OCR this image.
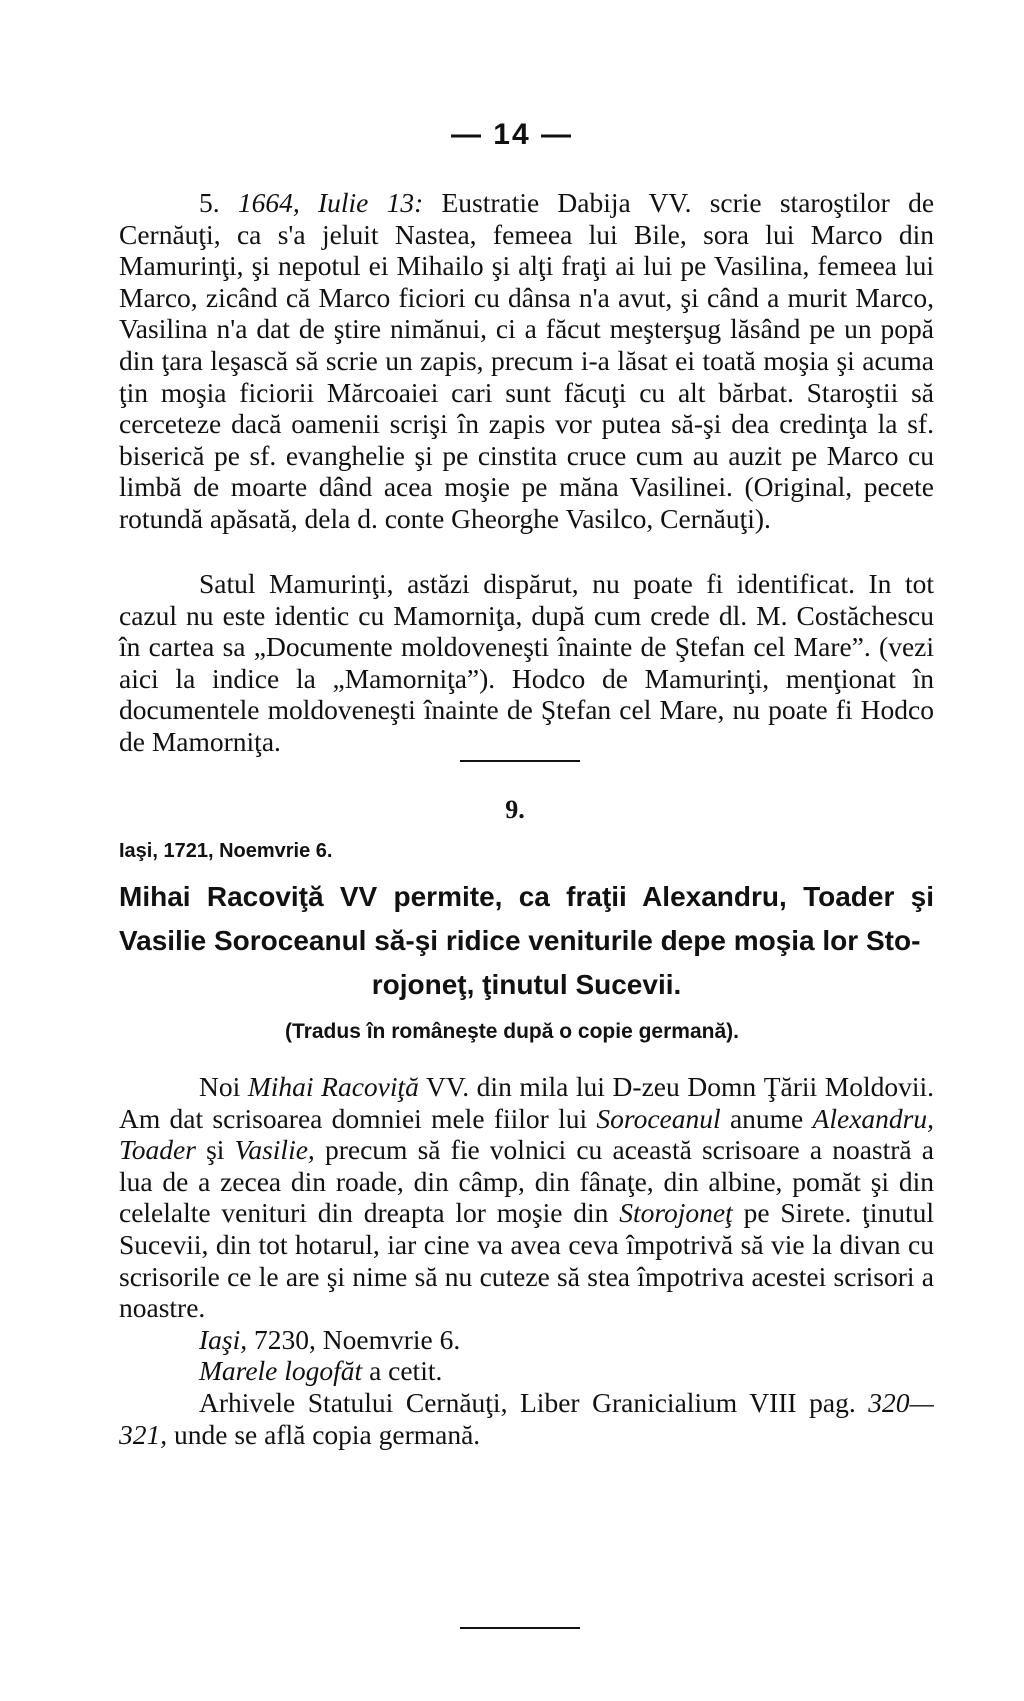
— 14 —

5. 1664, Iulie 13: Eustratie Dabija VV. scrie staroştilor de Cernăuţi, ca s'a jeluit Nastea, femeea lui Bile, sora lui Marco din Mamurinţi, şi nepotul ei Mihailo şi alţi fraţi ai lui pe Vasilina, femeea lui Marco, zicând că Marco ficiori cu dânsa n'a avut, şi când a murit Marco, Vasilina n'a dat de ştire nimănui, ci a făcut meşterşug lăsând pe un popă din ţara leşască să scrie un zapis, precum i-a lăsat ei toată moşia şi acuma ţin moşia ficiorii Mărcoaiei cari sunt făcuţi cu alt bărbat. Staroştii să cerceteze dacă oamenii scrişi în zapis vor putea să-şi dea credinţa la sf. biserică pe sf. evanghelie şi pe cinstita cruce cum au auzit pe Marco cu limbă de moarte dând acea moşie pe măna Vasilinei. (Original, pecete rotundă apăsată, dela d. conte Gheorghe Vasilco, Cernăuţi).

Satul Mamurinţi, astăzi dispărut, nu poate fi identificat. In tot cazul nu este identic cu Mamorniţa, după cum crede dl. M. Costăchescu în cartea sa „Documente moldoveneşti înainte de Ştefan cel Mare”. (vezi aici la indice la „Mamorniţa”). Hodco de Mamurinţi, menţionat în documentele moldoveneşti înainte de Ştefan cel Mare, nu poate fi Hodco de Mamorniţa.

9.
Iaşi, 1721, Noemvrie 6.
Mihai Racoviţă VV permite, ca fraţii Alexandru, Toader şi Vasilie Soroceanul să-şi ridice veniturile depe moşia lor Sto-
rojoneţ, ţinutul Sucevii.
(Tradus în româneşte după o copie germană).

Noi Mihai Racoviţă VV. din mila lui D-zeu Domn Ţării Moldovii. Am dat scrisoarea domniei mele fiilor lui Soroceanul anume Alexandru, Toader şi Vasilie, precum să fie volnici cu această scrisoare a noastră a lua de a zecea din roade, din câmp, din fânaţe, din albine, pomăt şi din celelalte venituri din dreapta lor moşie din Storojoneţ pe Sirete. ţinutul Sucevii, din tot hotarul, iar cine va avea ceva împotrivă să vie la divan cu scrisorile ce le are şi nime să nu cuteze să stea împotriva acestei scrisori a noastre.

Iaşi, 7230, Noemvrie 6.

Marele logofăt a cetit.

Arhivele Statului Cernăuţi, Liber Granicialium VIII pag. 320—321, unde se află copia germană.
